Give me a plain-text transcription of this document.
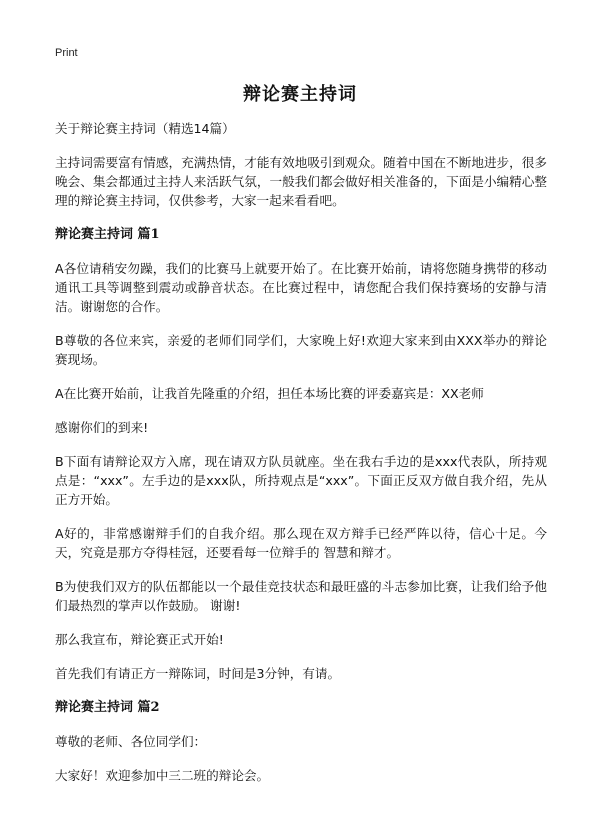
Print
辩论赛主持词

关于辩论赛主持词（精选14篇）

主持词需要富有情感，充满热情，才能有效地吸引到观众。随着中国在不断地进步，很多晚会、集会都通过主持人来活跃气氛，一般我们都会做好相关准备的，下面是小编精心整理的辩论赛主持词，仅供参考，大家一起来看看吧。

辩论赛主持词 篇1

A各位请稍安勿躁，我们的比赛马上就要开始了。在比赛开始前，请将您随身携带的移动通讯工具等调整到震动或静音状态。在比赛过程中，请您配合我们保持赛场的安静与清洁。谢谢您的合作。

B尊敬的各位来宾，亲爱的老师们同学们，大家晚上好!欢迎大家来到由XXX举办的辩论赛现场。

A在比赛开始前，让我首先隆重的介绍，担任本场比赛的评委嘉宾是：XX老师

感谢你们的到来!

B下面有请辩论双方入席，现在请双方队员就座。坐在我右手边的是xxx代表队，所持观点是：“xxx”。左手边的是xxx队，所持观点是“xxx”。下面正反双方做自我介绍，先从正方开始。

A好的，非常感谢辩手们的自我介绍。那么现在双方辩手已经严阵以待，信心十足。今天，究竟是那方夺得桂冠，还要看每一位辩手的 智慧和辩才。

B为使我们双方的队伍都能以一个最佳竞技状态和最旺盛的斗志参加比赛，让我们给予他们最热烈的掌声以作鼓励。 谢谢!

那么我宣布，辩论赛正式开始!

首先我们有请正方一辩陈词，时间是3分钟，有请。

辩论赛主持词 篇2

尊敬的老师、各位同学们：

大家好！欢迎参加中三二班的辩论会。
